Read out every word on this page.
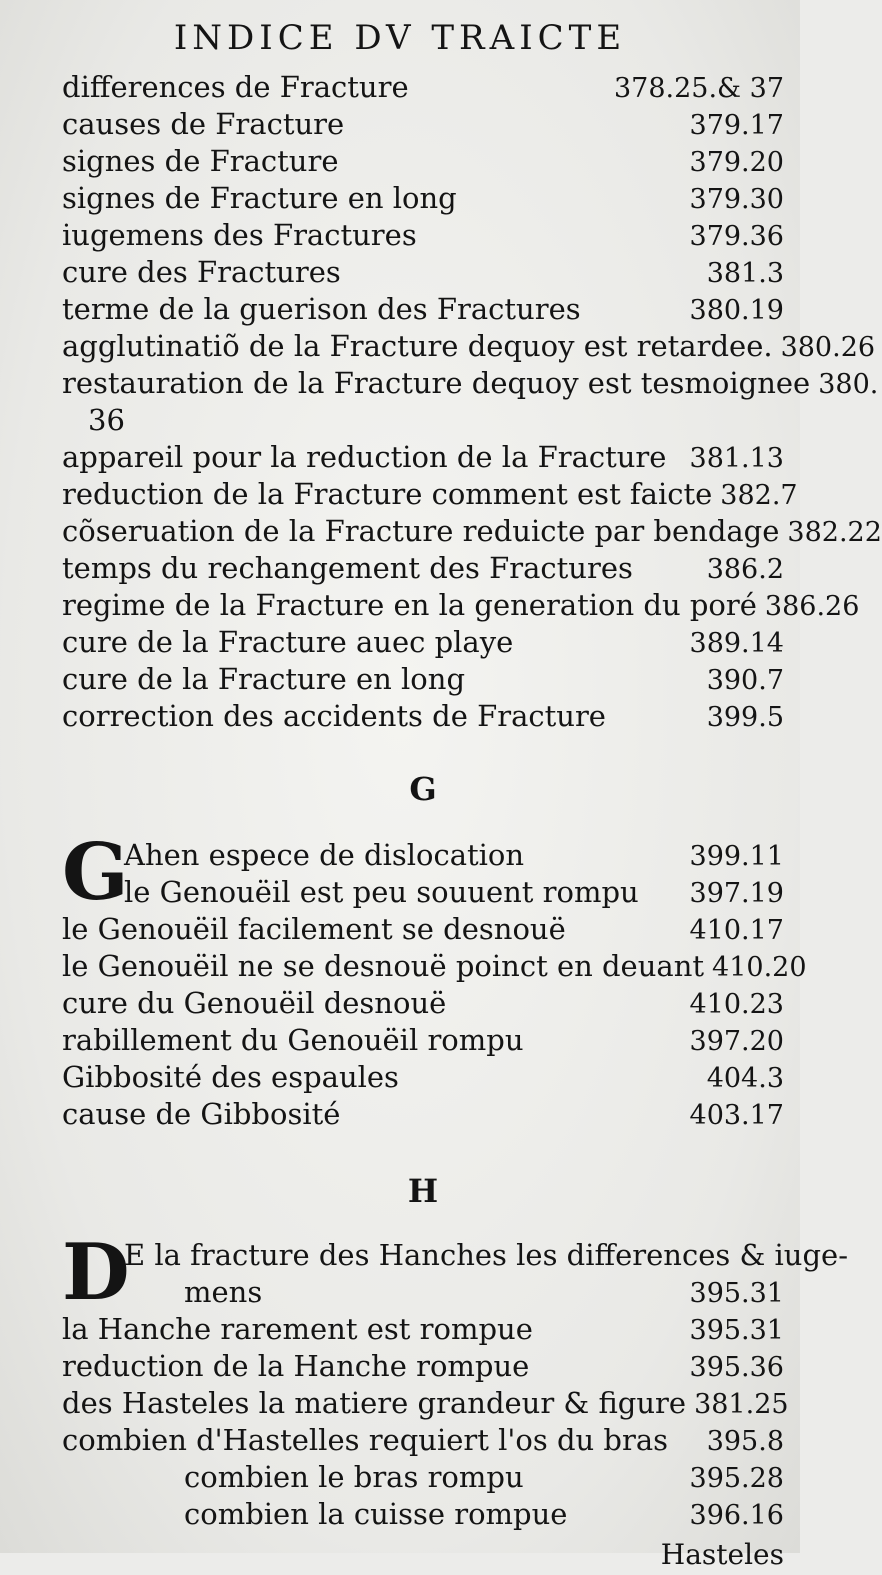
INDICE DV TRAICTE
differences de Fracture	378.25.& 37
causes de Fracture	379.17
signes de Fracture	379.20
signes de Fracture en long	379.30
iugemens des Fractures	379.36
cure des Fractures	381.3
terme de la guerison des Fractures	380.19
agglutinatiõ de la Fracture dequoy est retardee. 380.26
restauration de la Fracture dequoy est tesmoignee 380.
36
appareil pour la reduction de la Fracture 381.13
reduction de la Fracture comment est faicte 382.7
cõseruation de la Fracture reduicte par bendage 382.22
temps du rechangement des Fractures	386.2
regime de la Fracture en la generation du poré 386.26
cure de la Fracture auec playe	389.14
cure de la Fracture en long	390.7
correction des accidents de Fracture	399.5
G
G
Ahen espece de dislocation	399.11
le Genouëil est peu souuent rompu 397.19
le Genouëil facilement se desnouë	410.17
le Genouëil ne se desnouë poinct en deuant 410.20
cure du Genouëil desnouë	410.23
rabillement du Genouëil rompu	397.20
Gibbosité des espaules	404.3
cause de Gibbosité	403.17
H
D
E la fracture des Hanches les differences & iuge-
mens	395.31
la Hanche rarement est rompue	395.31
reduction de la Hanche rompue	395.36
des Hasteles la matiere grandeur & figure 381.25
combien d'Hastelles requiert l'os du bras 395.8
combien le bras rompu	395.28
combien la cuisse rompue	396.16
Hasteles
